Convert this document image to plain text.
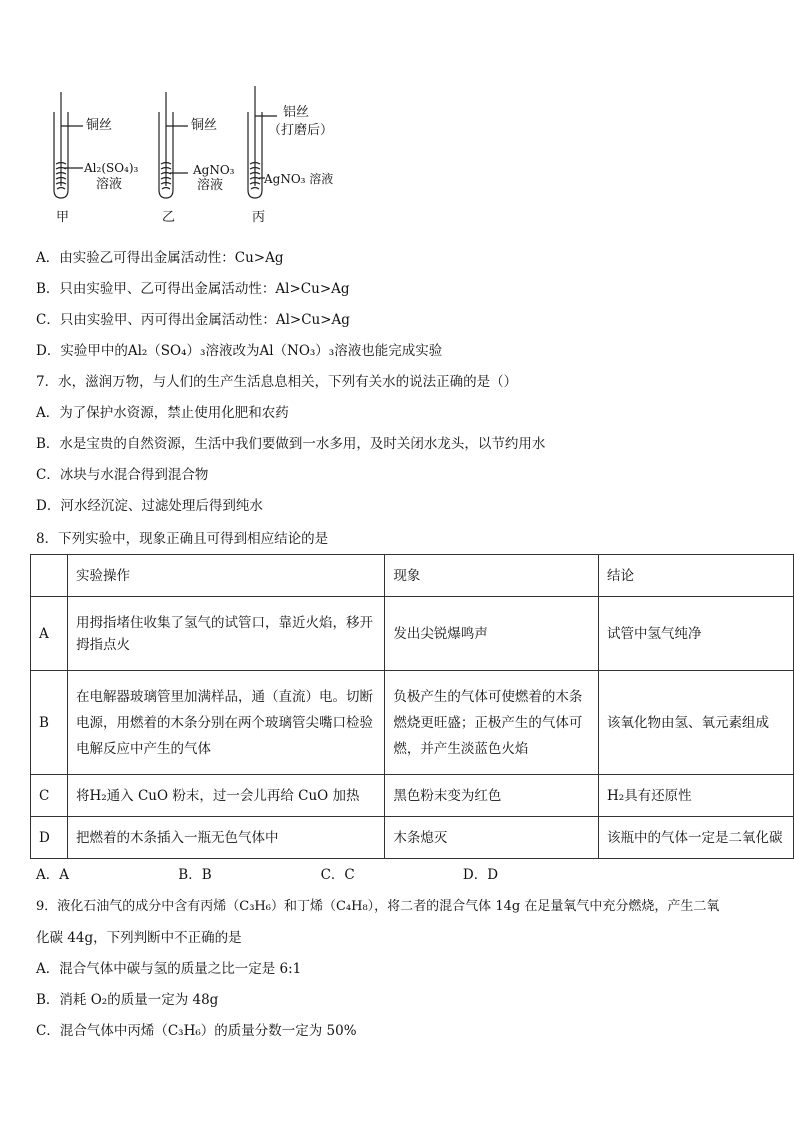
铜丝
Al₂(SO₄)₃
溶液
甲
铜丝
AgNO₃
溶液
乙
铝丝
（打磨后）
AgNO₃ 溶液
丙
A．由实验乙可得出金属活动性：Cu>Ag
B．只由实验甲、乙可得出金属活动性：Al>Cu>Ag
C．只由实验甲、丙可得出金属活动性：Al>Cu>Ag
D．实验甲中的Al₂（SO₄）₃溶液改为Al（NO₃）₃溶液也能完成实验
7．水，滋润万物，与人们的生产生活息息相关，下列有关水的说法正确的是（）
A．为了保护水资源，禁止使用化肥和农药
B．水是宝贵的自然资源，生活中我们要做到一水多用，及时关闭水龙头，以节约用水
C．冰块与水混合得到混合物
D．河水经沉淀、过滤处理后得到纯水
8．下列实验中，现象正确且可得到相应结论的是
	实验操作	现象	结论
A	用拇指堵住收集了氢气的试管口，靠近火焰，移开拇指点火	发出尖锐爆鸣声	试管中氢气纯净
B	在电解器玻璃管里加满样品，通（直流）电。切断电源，用燃着的木条分别在两个玻璃管尖嘴口检验电解反应中产生的气体	负极产生的气体可使燃着的木条燃烧更旺盛；正极产生的气体可燃，并产生淡蓝色火焰	该氧化物由氢、氧元素组成
C	将H₂通入 CuO 粉末，过一会儿再给 CuO 加热	黑色粉末变为红色	H₂具有还原性
D	把燃着的木条插入一瓶无色气体中	木条熄灭	该瓶中的气体一定是二氧化碳
A．A	B．B	C．C	D．D
9．液化石油气的成分中含有丙烯（C₃H₆）和丁烯（C₄H₈），将二者的混合气体 14g 在足量氧气中充分燃烧，产生二氧
化碳 44g，下列判断中不正确的是
A．混合气体中碳与氢的质量之比一定是 6:1
B．消耗 O₂的质量一定为 48g
C．混合气体中丙烯（C₃H₆）的质量分数一定为 50%
